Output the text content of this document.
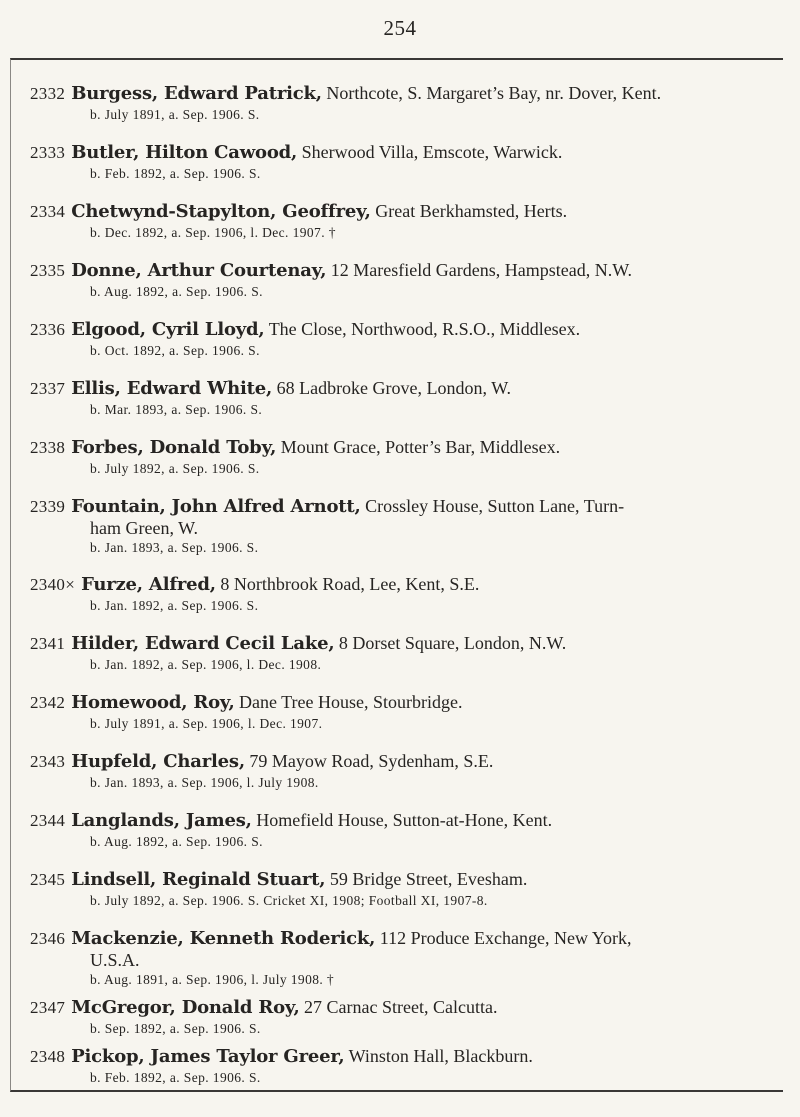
254
2332 Burgess, Edward Patrick, Northcote, S. Margaret’s Bay, nr. Dover, Kent.
b. July 1891, a. Sep. 1906. S.
2333 Butler, Hilton Cawood, Sherwood Villa, Emscote, Warwick.
b. Feb. 1892, a. Sep. 1906. S.
2334 Chetwynd-Stapylton, Geoffrey, Great Berkhamsted, Herts.
b. Dec. 1892, a. Sep. 1906, l. Dec. 1907. †
2335 Donne, Arthur Courtenay, 12 Maresfield Gardens, Hampstead, N.W.
b. Aug. 1892, a. Sep. 1906. S.
2336 Elgood, Cyril Lloyd, The Close, Northwood, R.S.O., Middlesex.
b. Oct. 1892, a. Sep. 1906. S.
2337 Ellis, Edward White, 68 Ladbroke Grove, London, W.
b. Mar. 1893, a. Sep. 1906. S.
2338 Forbes, Donald Toby, Mount Grace, Potter’s Bar, Middlesex.
b. July 1892, a. Sep. 1906. S.
2339 Fountain, John Alfred Arnott, Crossley House, Sutton Lane, Turn-
ham Green, W.
b. Jan. 1893, a. Sep. 1906. S.
2340× Furze, Alfred, 8 Northbrook Road, Lee, Kent, S.E.
b. Jan. 1892, a. Sep. 1906. S.
2341 Hilder, Edward Cecil Lake, 8 Dorset Square, London, N.W.
b. Jan. 1892, a. Sep. 1906, l. Dec. 1908.
2342 Homewood, Roy, Dane Tree House, Stourbridge.
b. July 1891, a. Sep. 1906, l. Dec. 1907.
2343 Hupfeld, Charles, 79 Mayow Road, Sydenham, S.E.
b. Jan. 1893, a. Sep. 1906, l. July 1908.
2344 Langlands, James, Homefield House, Sutton-at-Hone, Kent.
b. Aug. 1892, a. Sep. 1906. S.
2345 Lindsell, Reginald Stuart, 59 Bridge Street, Evesham.
b. July 1892, a. Sep. 1906. S. Cricket XI, 1908; Football XI, 1907-8.
2346 Mackenzie, Kenneth Roderick, 112 Produce Exchange, New York,
U.S.A.
b. Aug. 1891, a. Sep. 1906, l. July 1908. †
2347 McGregor, Donald Roy, 27 Carnac Street, Calcutta.
b. Sep. 1892, a. Sep. 1906. S.
2348 Pickop, James Taylor Greer, Winston Hall, Blackburn.
b. Feb. 1892, a. Sep. 1906. S.
